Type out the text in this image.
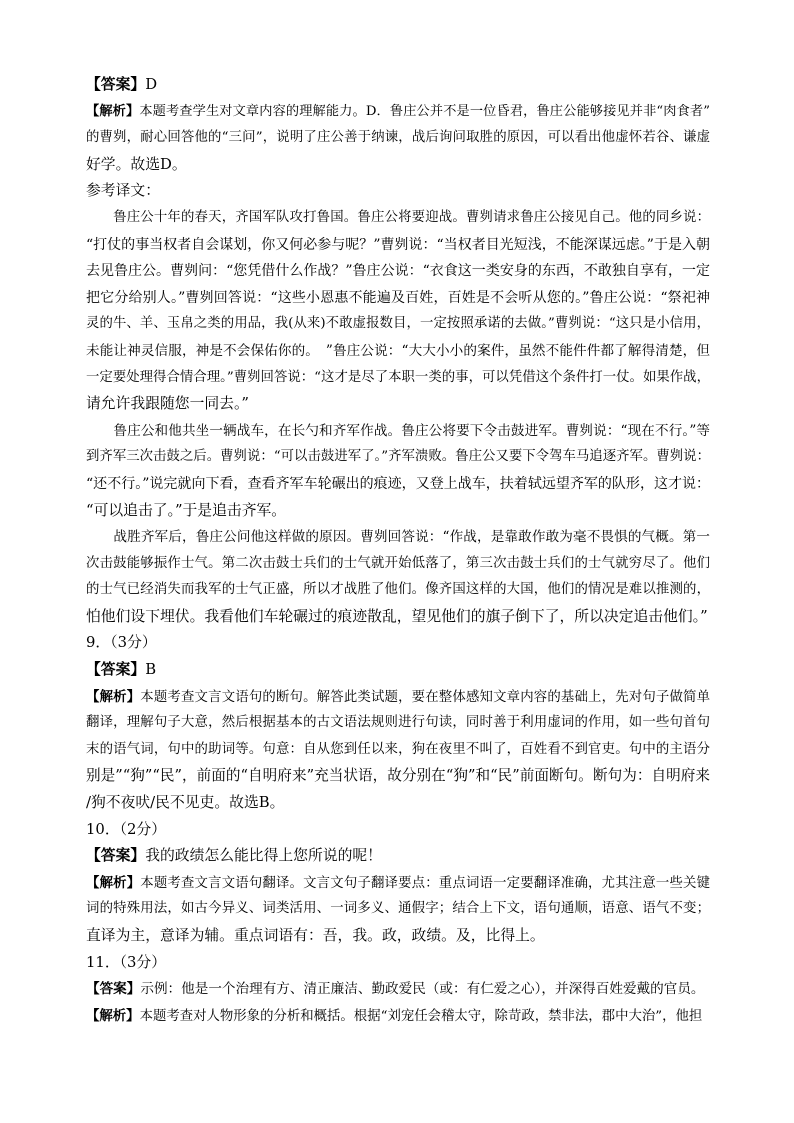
【答案】D
【解析】本题考查学生对文章内容的理解能力。D．鲁庄公并不是一位昏君，鲁庄公能够接见并非“肉食者”
的曹刿，耐心回答他的“三问”，说明了庄公善于纳谏，战后询问取胜的原因，可以看出他虚怀若谷、谦虚
好学。故选D。
参考译文：
　　鲁庄公十年的春天，齐国军队攻打鲁国。鲁庄公将要迎战。曹刿请求鲁庄公接见自己。他的同乡说：
“打仗的事当权者自会谋划，你又何必参与呢？”曹刿说：“当权者目光短浅，不能深谋远虑。”于是入朝
去见鲁庄公。曹刿问：“您凭借什么作战？”鲁庄公说：“衣食这一类安身的东西，不敢独自享有，一定
把它分给别人。”曹刿回答说：“这些小恩惠不能遍及百姓，百姓是不会听从您的。”鲁庄公说：“祭祀神
灵的牛、羊、玉帛之类的用品，我(从来)不敢虚报数目，一定按照承诺的去做。”曹刿说：“这只是小信用，
未能让神灵信服，神是不会保佑你的。　”鲁庄公说：“大大小小的案件，虽然不能件件都了解得清楚，但
一定要处理得合情合理。”曹刿回答说：“这才是尽了本职一类的事，可以凭借这个条件打一仗。如果作战，
请允许我跟随您一同去。”
　　鲁庄公和他共坐一辆战车，在长勺和齐军作战。鲁庄公将要下令击鼓进军。曹刿说：“现在不行。”等
到齐军三次击鼓之后。曹刿说：“可以击鼓进军了。”齐军溃败。鲁庄公又要下令驾车马追逐齐军。曹刿说：
“还不行。”说完就向下看，查看齐军车轮碾出的痕迹，又登上战车，扶着轼远望齐军的队形，这才说：
“可以追击了。”于是追击齐军。
　　战胜齐军后，鲁庄公问他这样做的原因。曹刿回答说：“作战，是靠敢作敢为毫不畏惧的气概。第一
次击鼓能够振作士气。第二次击鼓士兵们的士气就开始低落了，第三次击鼓士兵们的士气就穷尽了。他们
的士气已经消失而我军的士气正盛，所以才战胜了他们。像齐国这样的大国，他们的情况是难以推测的，
怕他们设下埋伏。我看他们车轮碾过的痕迹散乱，望见他们的旗子倒下了，所以决定追击他们。”
9．（3分）
【答案】B
【解析】本题考查文言文语句的断句。解答此类试题，要在整体感知文章内容的基础上，先对句子做简单
翻译，理解句子大意，然后根据基本的古文语法规则进行句读，同时善于利用虚词的作用，如一些句首句
末的语气词，句中的助词等。句意：自从您到任以来，狗在夜里不叫了，百姓看不到官吏。句中的主语分
别是”“狗”“民”，前面的“自明府来”充当状语，故分别在“狗”和“民”前面断句。断句为：自明府来
/狗不夜吠/民不见吏。故选B。
10．（2分）
【答案】我的政绩怎么能比得上您所说的呢！
【解析】本题考查文言文语句翻译。文言文句子翻译要点：重点词语一定要翻译准确，尤其注意一些关键
词的特殊用法，如古今异义、词类活用、一词多义、通假字；结合上下文，语句通顺，语意、语气不变；
直译为主，意译为辅。重点词语有：吾，我。政，政绩。及，比得上。
11．（3分）
【答案】示例：他是一个治理有方、清正廉洁、勤政爱民（或：有仁爱之心），并深得百姓爱戴的官员。
【解析】本题考查对人物形象的分析和概括。根据“刘宠任会稽太守，除苛政，禁非法，郡中大治”，他担
